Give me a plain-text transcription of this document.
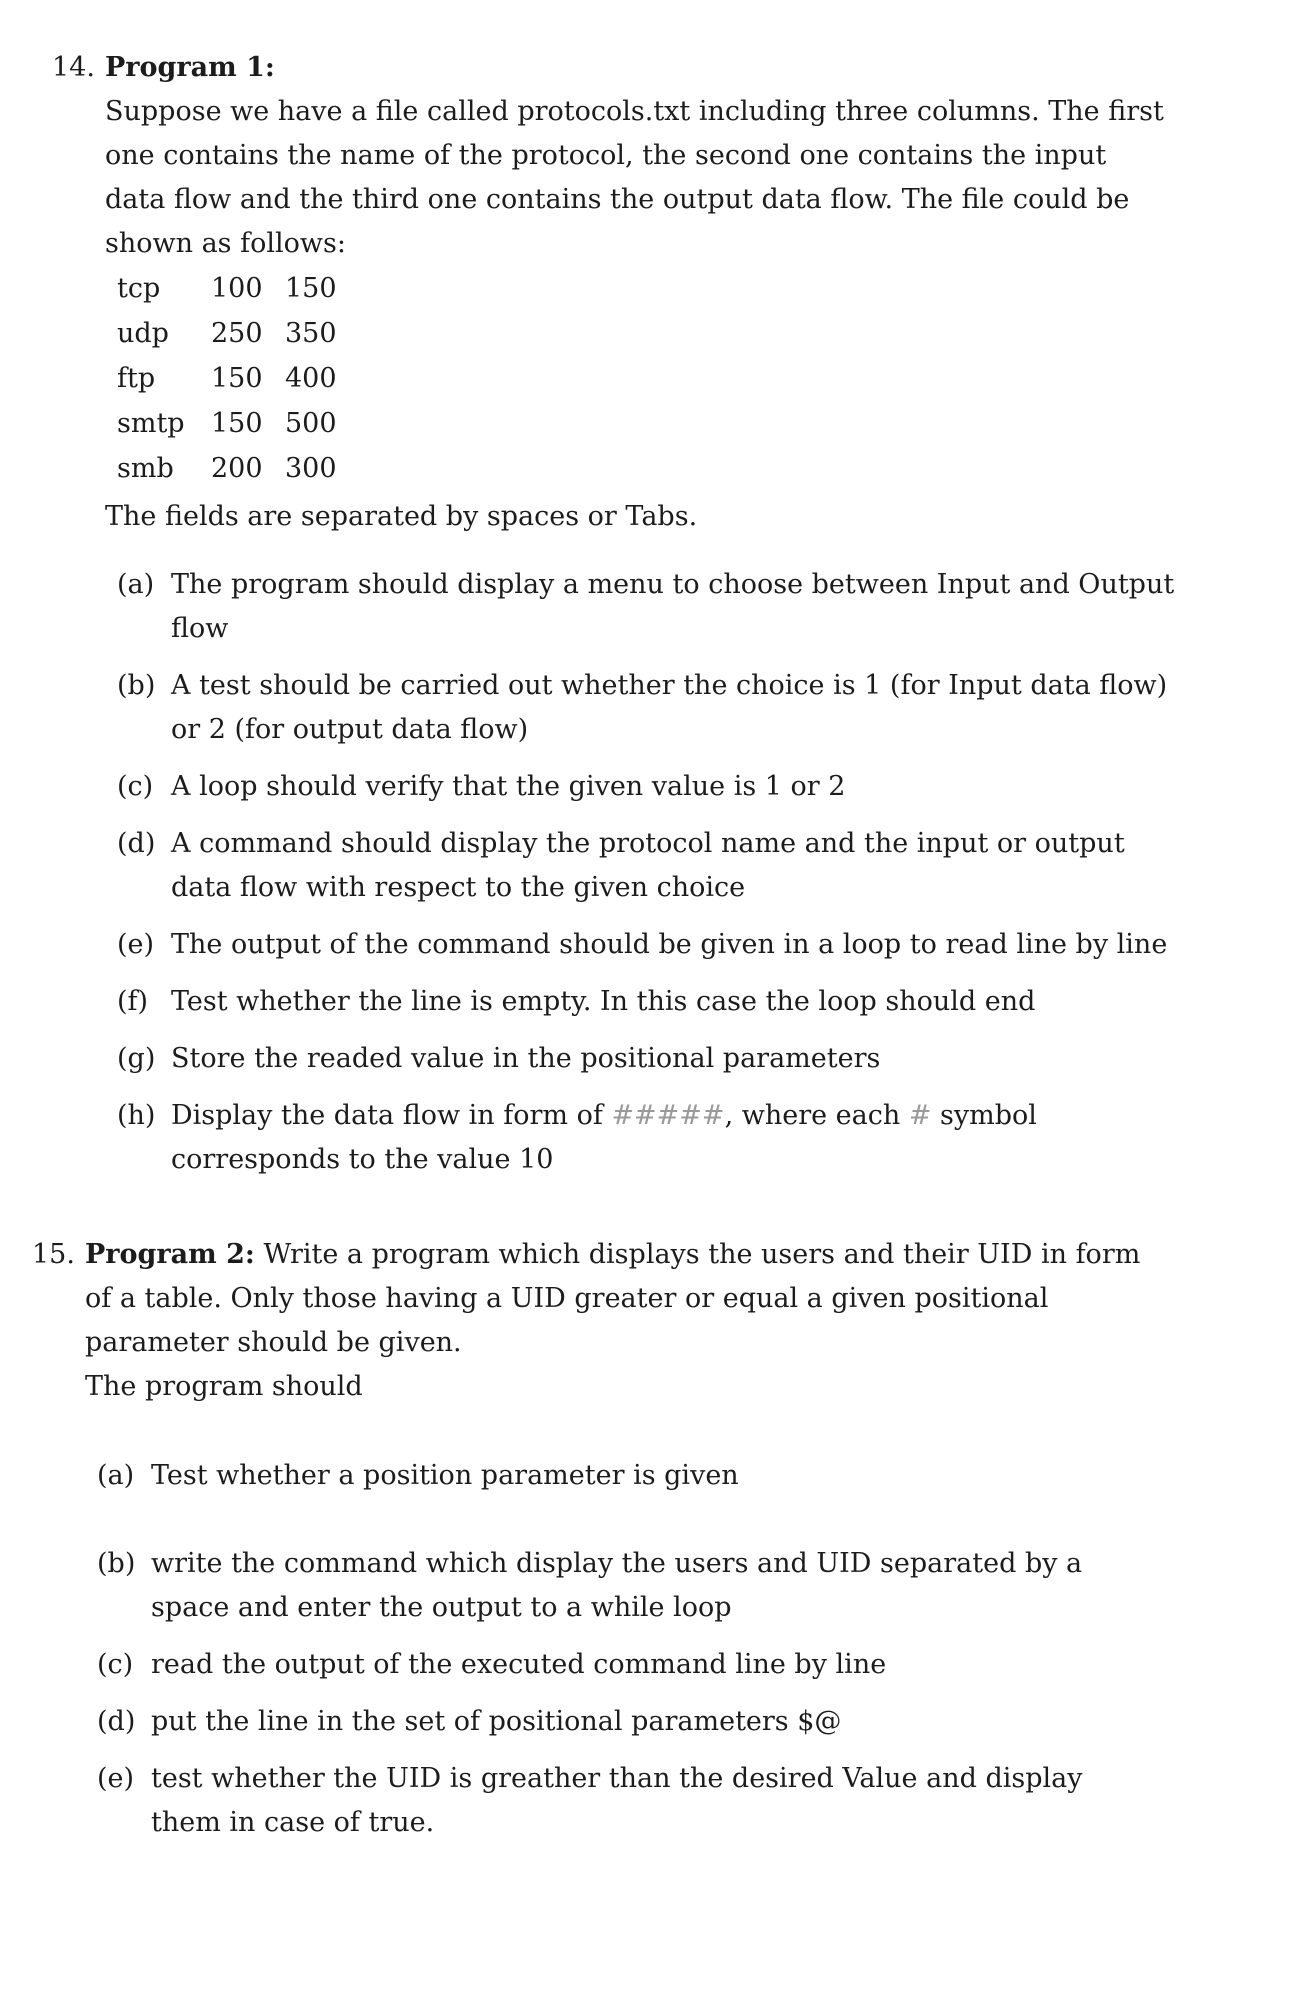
14. Program 1:

Suppose we have a file called protocols.txt including three columns. The first one contains the name of the protocol, the second one contains the input data flow and the third one contains the output data flow. The file could be shown as follows:

tcp	100	150
udp	250	350
ftp	150	400
smtp	150	500
smb	200	300

The fields are separated by spaces or Tabs.

(a) The program should display a menu to choose between Input and Output flow
(b) A test should be carried out whether the choice is 1 (for Input data flow) or 2 (for output data flow)
(c) A loop should verify that the given value is 1 or 2
(d) A command should display the protocol name and the input or output data flow with respect to the given choice
(e) The output of the command should be given in a loop to read line by line
(f) Test whether the line is empty. In this case the loop should end
(g) Store the readed value in the positional parameters
(h) Display the data flow in form of #####, where each # symbol corresponds to the value 10
15. Program 2: Write a program which displays the users and their UID in form of a table. Only those having a UID greater or equal a given positional parameter should be given.

The program should

(a) Test whether a position parameter is given
(b) write the command which display the users and UID separated by a space and enter the output to a while loop
(c) read the output of the executed command line by line
(d) put the line in the set of positional parameters $@
(e) test whether the UID is greather than the desired Value and display them in case of true.
